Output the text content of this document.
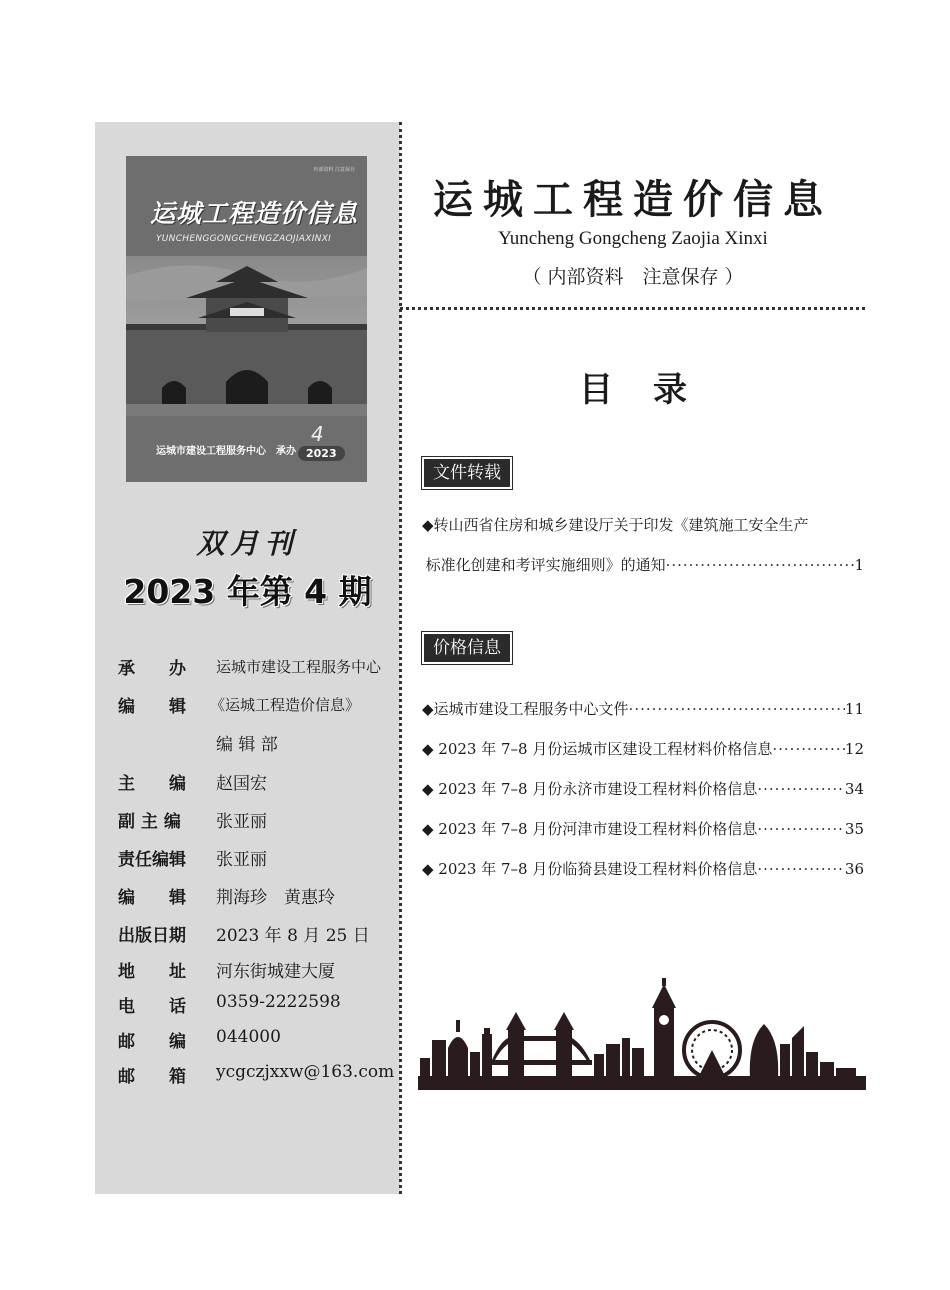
内部资料 注意保存
运城工程造价信息
YUNCHENGGONGCHENGZAOJIAXINXI
运城市建设工程服务中心　承办
4
2023
双月刊
2023 年第 4 期
承　　办	运城市建设工程服务中心
编　　辑	《运城工程造价信息》
编 辑 部
主　　编	赵国宏
副 主 编	张亚丽
责任编辑	张亚丽
编　　辑	荆海珍　黄惠玲
出版日期	2023 年 8 月 25 日
地　　址	河东街城建大厦
电　　话	0359-2222598
邮　　编	044000
邮　　箱	ycgczjxxw@163.com
运城工程造价信息
Yuncheng Gongcheng Zaojia Xinxi
（ 内部资料　注意保存 ）
目录
文件转载
◆转山西省住房和城乡建设厅关于印发《建筑施工安全生产
标准化创建和考评实施细则》的通知 ·····	1
价格信息
◆运城市建设工程服务中心文件 ·····	11
◆ 2023 年 7–8 月份运城市区建设工程材料价格信息 ·····	12
◆ 2023 年 7–8 月份永济市建设工程材料价格信息 ·····	34
◆ 2023 年 7–8 月份河津市建设工程材料价格信息 ·····	35
◆ 2023 年 7–8 月份临猗县建设工程材料价格信息 ·····	36
